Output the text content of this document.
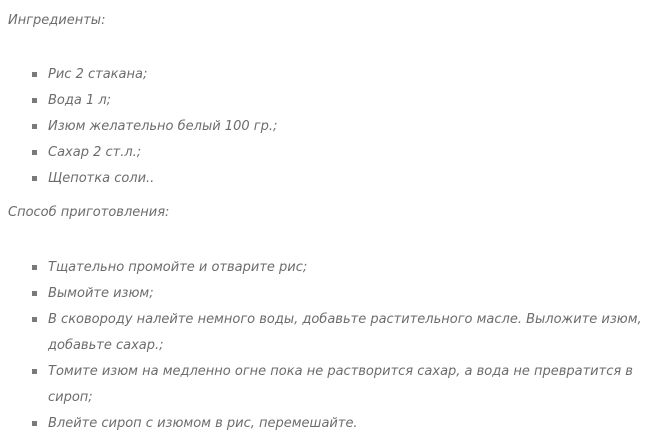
Ингредиенты:

Рис 2 стакана;
Вода 1 л;
Изюм желательно белый 100 гр.;
Сахар 2 ст.л.;
Щепотка соли..

Способ приготовления:

Тщательно промойте и отварите рис;
Вымойте изюм;
В сковороду налейте немного воды, добавьте растительного масле. Выложите изюм, добавьте сахар.;
Томите изюм на медленно огне пока не растворится сахар, а вода не превратится в сироп;
Влейте сироп с изюмом в рис, перемешайте.
